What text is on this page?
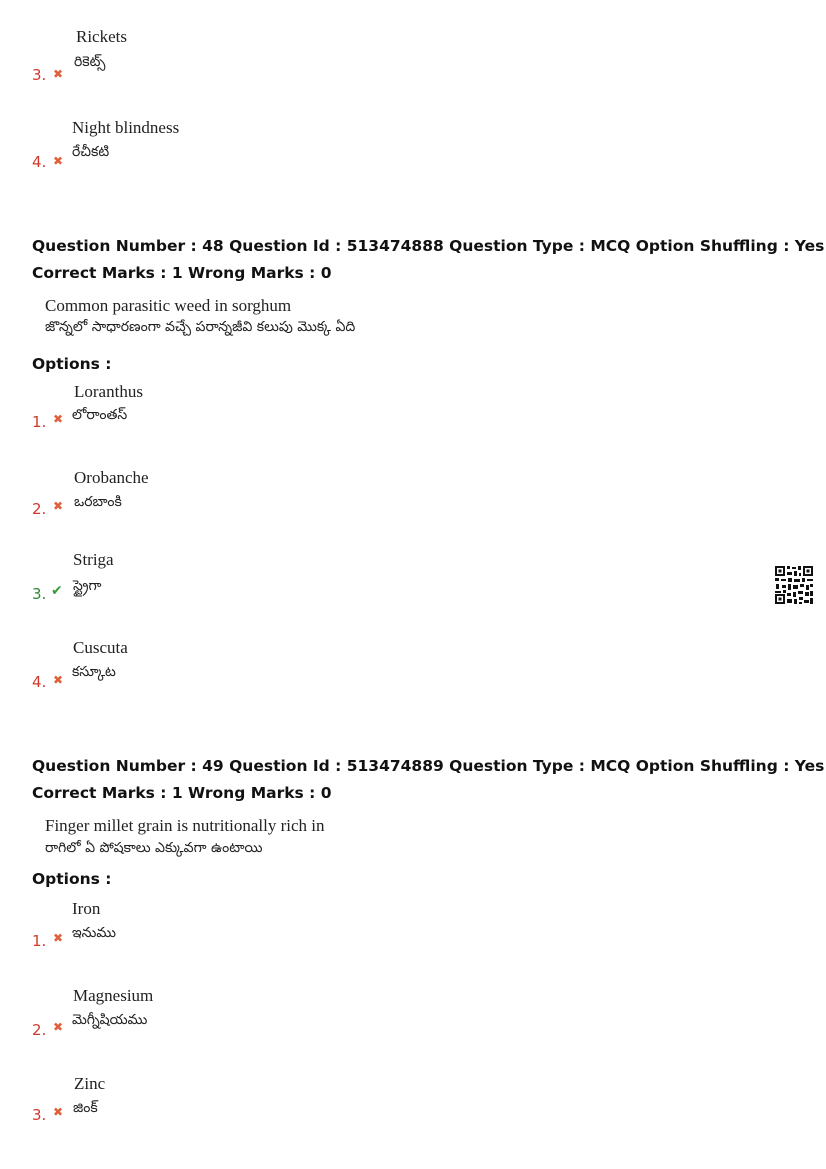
Rickets
రికెట్స్
3. ✖
Night blindness
రేచీకటి
4. ✖
Question Number : 48 Question Id : 513474888 Question Type : MCQ Option Shuffling : Yes
Correct Marks : 1 Wrong Marks : 0
Common parasitic weed in sorghum
జొన్నలో సాధారణంగా వచ్చే పరాన్నజీవి కలుపు మొక్క ఏది
Options :
Loranthus
లోరాంతస్
1. ✖
Orobanche
ఒరబాంకి
2. ✖
Striga
స్ట్రైగా
3. ✔
Cuscuta
కస్కూట
4. ✖
Question Number : 49 Question Id : 513474889 Question Type : MCQ Option Shuffling : Yes
Correct Marks : 1 Wrong Marks : 0
Finger millet grain is nutritionally rich in
రాగిలో ఏ పోషకాలు ఎక్కువగా ఉంటాయి
Options :
Iron
ఇనుము
1. ✖
Magnesium
మెగ్నీషియము
2. ✖
Zinc
జింక్
3. ✖
